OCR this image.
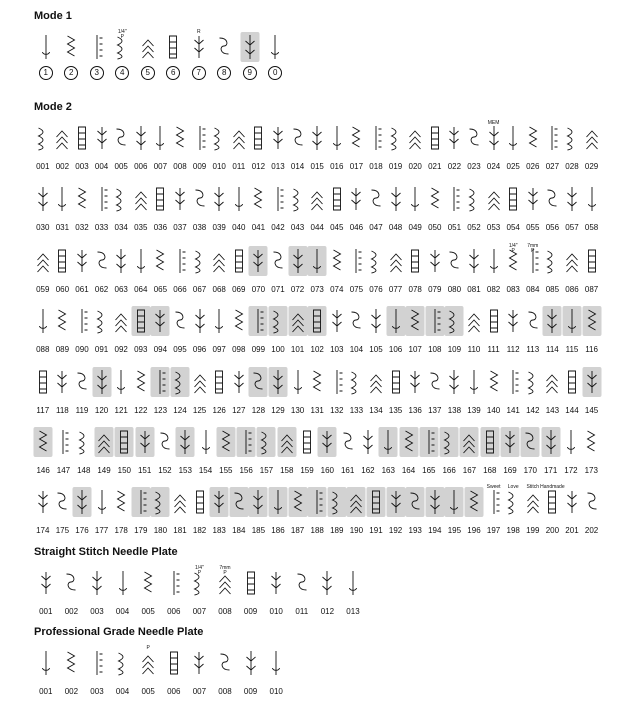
Mode 1
1	2	3
1/4"
P
4	5	6
R
7	8	9	0
Mode 2
001 002 003 004 005 006 007 008 009 010 011 012 013 014 015 016 017 018 019 020 021 022 023
MEM
024 025 026 027 028 029
030 031 032 033 034 035 036 037 038 039 040 041 042 043 044 045 046 047 048 049 050 051 052 053 054 055 056 057 058
059 060 061 062 063 064 065 066 067 068 069 070 071 072 073 074 075 076 077 078 079 080 081 082
1/4"
P
083
7mm
P
084 085 086 087
088 089 090 091 092 093 094 095 096 097 098 099 100 101 102 103 104 105 106 107 108 109 110 111 112 113 114 115 116
117 118 119 120 121 122 123 124 125 126 127 128 129 130 131 132 133 134 135 136 137 138 139 140 141 142 143 144 145
146 147 148 149 150 151 152 153 154 155 156 157 158 159 160 161 162 163 164 165 166 167 168 169 170 171 172 173
174 175 176 177 178 179 180 181 182 183 184 185 186 187 188 189 190 191 192 193 194 195 196
Sweet
197
Love
198
Stitch
199
Handmade
200 201 202
Straight Stitch Needle Plate
001	002	003	004	005	006
1/4"
P
007
7mm
P
008	009	010	011	012	013
Professional Grade Needle Plate
001	002	003	004
P
005	006	007	008	009	010
